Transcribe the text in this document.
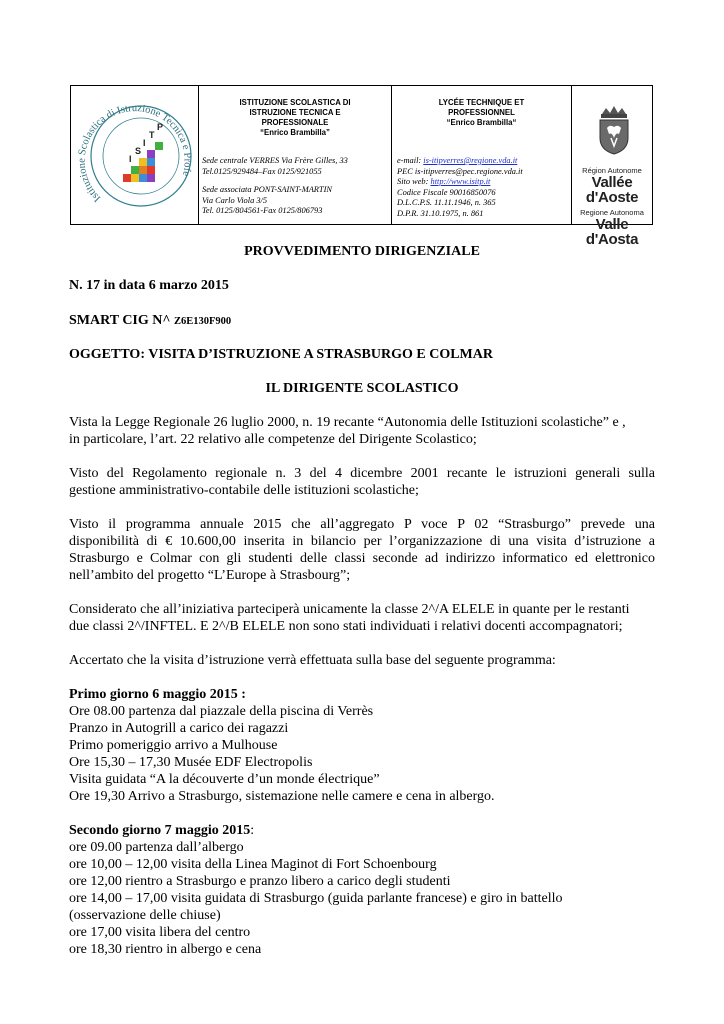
Istituzione Scolastica di Istruzione Tecnica e Profe
I
S
I
T
P
ISTITUZIONE SCOLASTICA DI
ISTRUZIONE TECNICA E
PROFESSIONALE
“Enrico Brambilla”
Sede centrale VERRES Via Frère Gilles, 33
Tel.0125/929484–Fax 0125/921055
Sede associata PONT-SAINT-MARTIN
Via Carlo Viola 3/5
Tel. 0125/804561-Fax 0125/806793
LYCÉE TECHNIQUE ET
PROFESSIONNEL
“Enrico Brambilla“
e-mail: is-itipverres@regione.vda.it
PEC is-itipverres@pec.regione.vda.it
Sito web: http://www.isitp.it
Codice Fiscale 90016850076
D.L.C.P.S. 11.11.1946, n. 365
D.P.R. 31.10.1975, n. 861
Région Autonome
Vallée d'Aoste
Regione Autonoma
Valle d'Aosta
PROVVEDIMENTO DIRIGENZIALE
N. 17 in data 6 marzo 2015
SMART CIG N^ Z6E130F900
OGGETTO: VISITA D’ISTRUZIONE A STRASBURGO E COLMAR
IL DIRIGENTE SCOLASTICO
Vista la Legge Regionale 26 luglio 2000, n. 19 recante “Autonomia delle Istituzioni scolastiche” e ,
in particolare, l’art. 22 relativo alle competenze del Dirigente Scolastico;
Visto del Regolamento regionale n. 3 del 4 dicembre 2001 recante le istruzioni generali sulla
gestione amministrativo-contabile delle istituzioni scolastiche;
Visto il programma annuale 2015 che all’aggregato P voce P 02 “Strasburgo” prevede una
disponibilità di € 10.600,00 inserita in bilancio per l’organizzazione di una visita d’istruzione a
Strasburgo e Colmar con gli studenti delle classi seconde ad indirizzo informatico ed elettronico
nell’ambito del progetto “L’Europe à Strasbourg”;
Considerato che all’iniziativa parteciperà unicamente la classe 2^/A ELELE in quante per le restanti
due classi 2^/INFTEL. E 2^/B ELELE non sono stati individuati i relativi docenti accompagnatori;
Accertato che la visita d’istruzione verrà effettuata sulla base del seguente programma:
Primo giorno 6 maggio 2015 :
Ore 08.00 partenza dal piazzale della piscina di Verrès
Pranzo in Autogrill a carico dei ragazzi
Primo pomeriggio arrivo a Mulhouse
Ore 15,30 – 17,30 Musée EDF Electropolis
Visita guidata “A la découverte d’un monde électrique”
Ore 19,30 Arrivo a Strasburgo, sistemazione nelle camere e cena in albergo.
Secondo giorno 7 maggio 2015:
ore 09.00 partenza dall’albergo
ore 10,00 – 12,00 visita della Linea Maginot di Fort Schoenbourg
ore 12,00 rientro a Strasburgo e pranzo libero a carico degli studenti
ore 14,00 – 17,00 visita guidata di Strasburgo (guida parlante francese) e giro in battello
(osservazione delle chiuse)
ore 17,00 visita libera del centro
ore 18,30 rientro in albergo e cena
